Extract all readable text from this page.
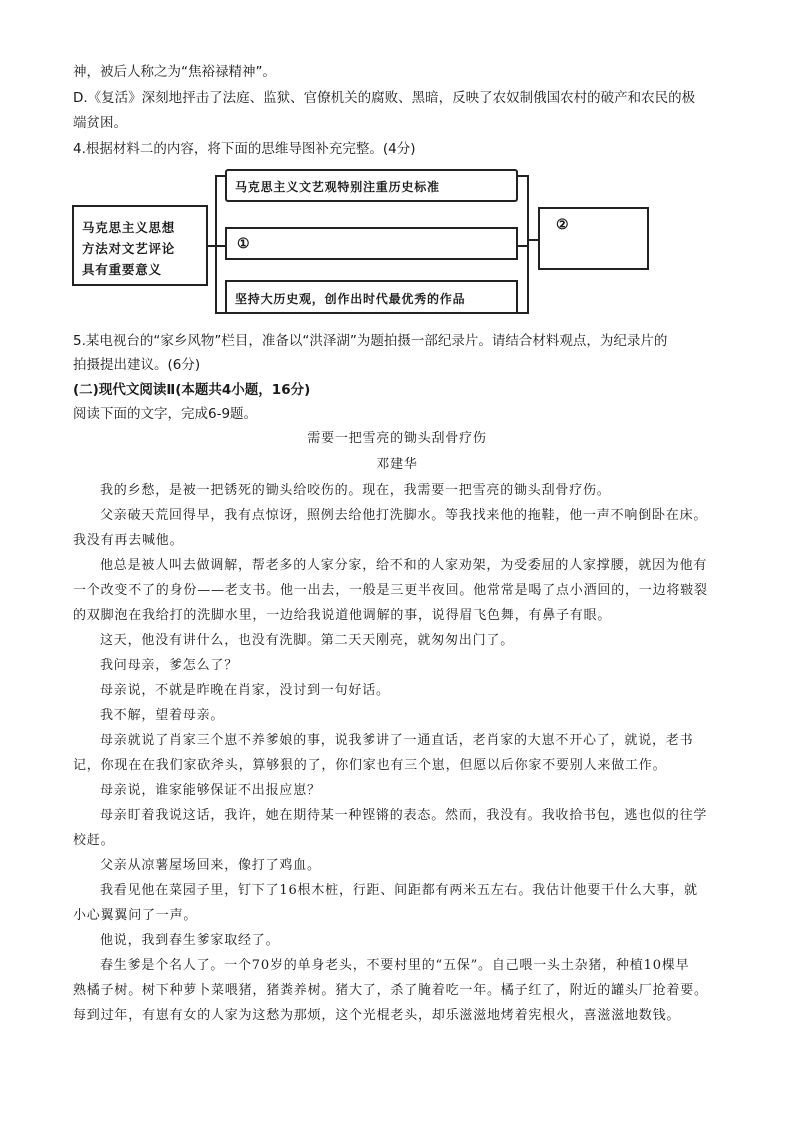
神，被后人称之为“焦裕禄精神”。
D.《复活》深刻地抨击了法庭、监狱、官僚机关的腐败、黑暗，反映了农奴制俄国农村的破产和农民的极
端贫困。
4.根据材料二的内容，将下面的思维导图补充完整。(4分)
马克思主义思想
方法对文艺评论
具有重要意义
马克思主义文艺观特别注重历史标准
①
坚持大历史观，创作出时代最优秀的作品
②
5.某电视台的“家乡风物”栏目，准备以“洪泽湖”为题拍摄一部纪录片。请结合材料观点，为纪录片的
拍摄提出建议。(6分)
(二)现代文阅读Ⅱ(本题共4小题，16分)
阅读下面的文字，完成6-9题。
需要一把雪亮的锄头刮骨疗伤
邓建华
我的乡愁，是被一把锈死的锄头给咬伤的。现在，我需要一把雪亮的锄头刮骨疗伤。
父亲破天荒回得早，我有点惊讶，照例去给他打洗脚水。等我找来他的拖鞋，他一声不响倒卧在床。
我没有再去喊他。
他总是被人叫去做调解，帮老多的人家分家，给不和的人家劝架，为受委屈的人家撑腰，就因为他有
一个改变不了的身份——老支书。他一出去，一般是三更半夜回。他常常是喝了点小酒回的，一边将皲裂
的双脚泡在我给打的洗脚水里，一边给我说道他调解的事，说得眉飞色舞，有鼻子有眼。
这天，他没有讲什么，也没有洗脚。第二天天刚亮，就匆匆出门了。
我问母亲，爹怎么了？
母亲说，不就是昨晚在肖家，没讨到一句好话。
我不解，望着母亲。
母亲就说了肖家三个崽不养爹娘的事，说我爹讲了一通直话，老肖家的大崽不开心了，就说，老书
记，你现在在我们家砍斧头，算够狠的了，你们家也有三个崽，但愿以后你家不要别人来做工作。
母亲说，谁家能够保证不出报应崽？
母亲盯着我说这话，我许，她在期待某一种铿锵的表态。然而，我没有。我收拾书包，逃也似的往学
校赶。
父亲从凉薯屋场回来，像打了鸡血。
我看见他在菜园子里，钉下了16根木桩，行距、间距都有两米五左右。我估计他要干什么大事，就
小心翼翼问了一声。
他说，我到春生爹家取经了。
春生爹是个名人了。一个70岁的单身老头，不要村里的“五保”。自己喂一头土杂猪，种植10棵早
熟橘子树。树下种萝卜菜喂猪，猪粪养树。猪大了，杀了腌着吃一年。橘子红了，附近的罐头厂抢着要。
每到过年，有崽有女的人家为这愁为那烦，这个光棍老头，却乐滋滋地烤着宪根火，喜滋滋地数钱。
